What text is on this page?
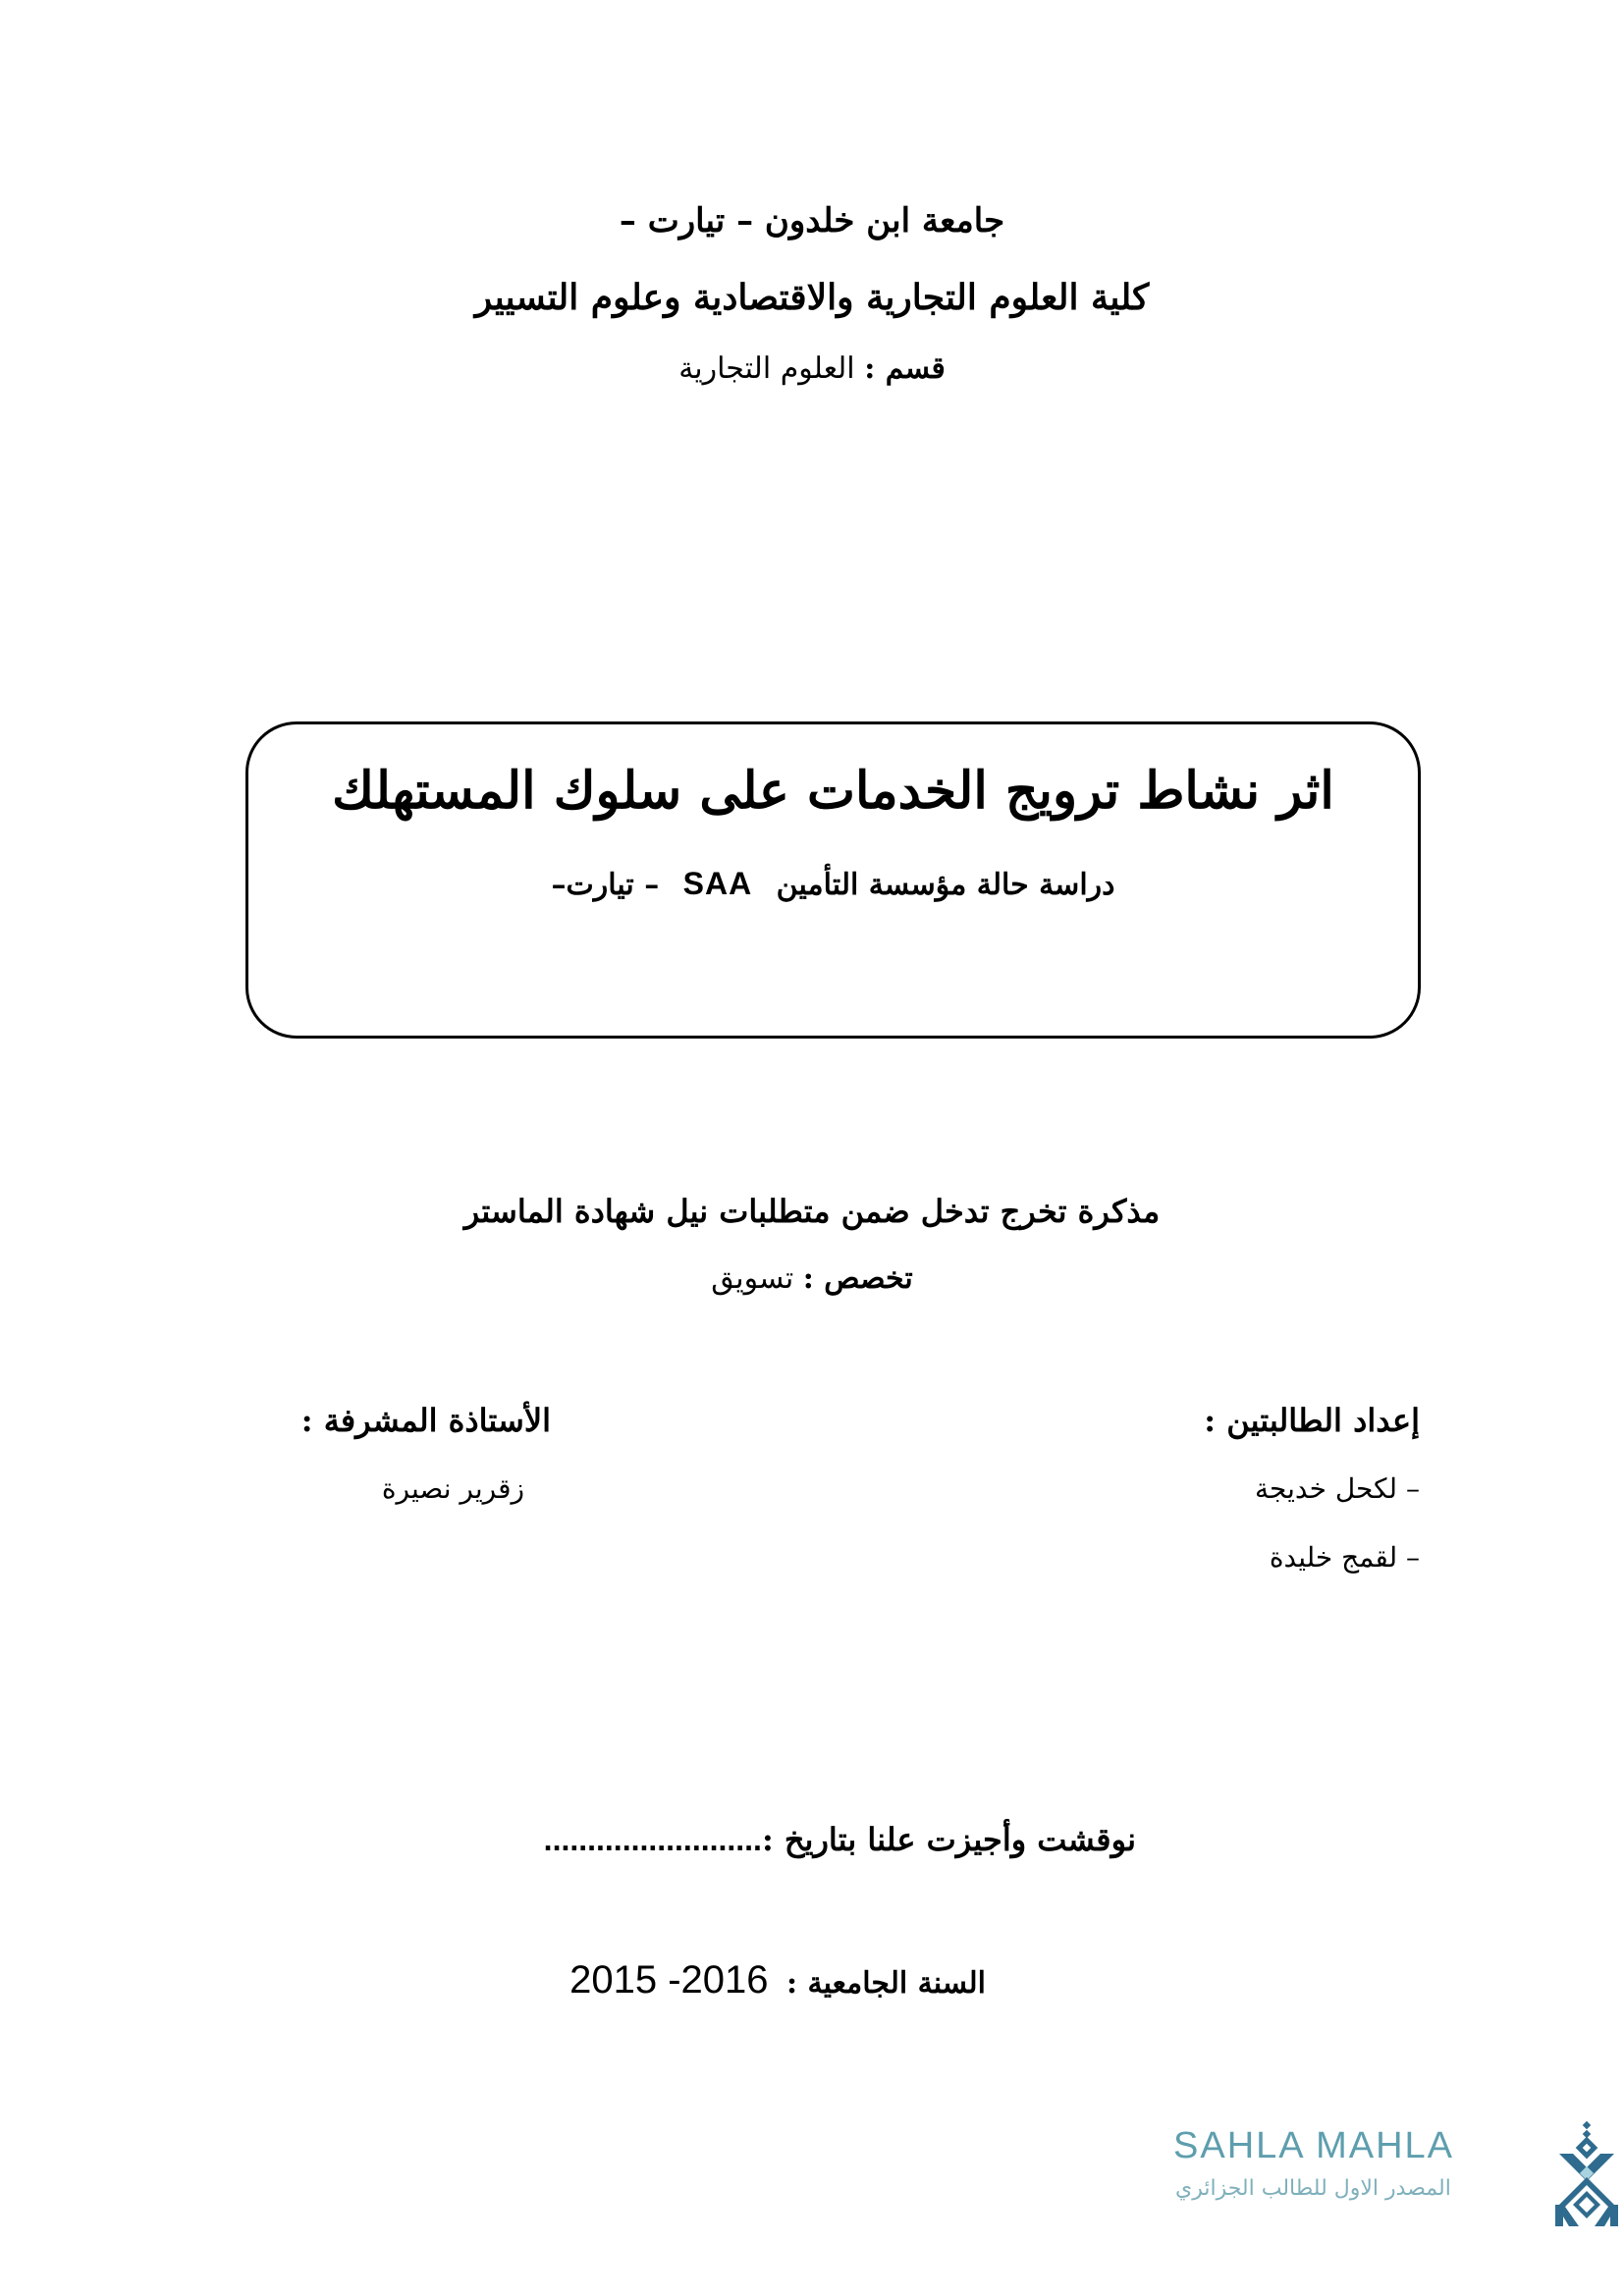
جامعة ابن خلدون – تيارت –
كلية العلوم التجارية والاقتصادية وعلوم التسيير
قسم : العلوم التجارية
اثر نشاط ترويج الخدمات على سلوك المستهلك
دراسة حالة مؤسسة التأمين SAA – تيارت–
مذكرة تخرج تدخل ضمن متطلبات نيل شهادة الماستر
تخصص : تسويق
إعداد الطالبتين :
– لكحل خديجة
– لقمج خليدة
الأستاذة المشرفة :
زقرير نصيرة
نوقشت وأجيزت علنا بتاريخ :.........................
السنة الجامعية : 2015 -2016
SAHLA MAHLA
المصدر الاول للطالب الجزائري
